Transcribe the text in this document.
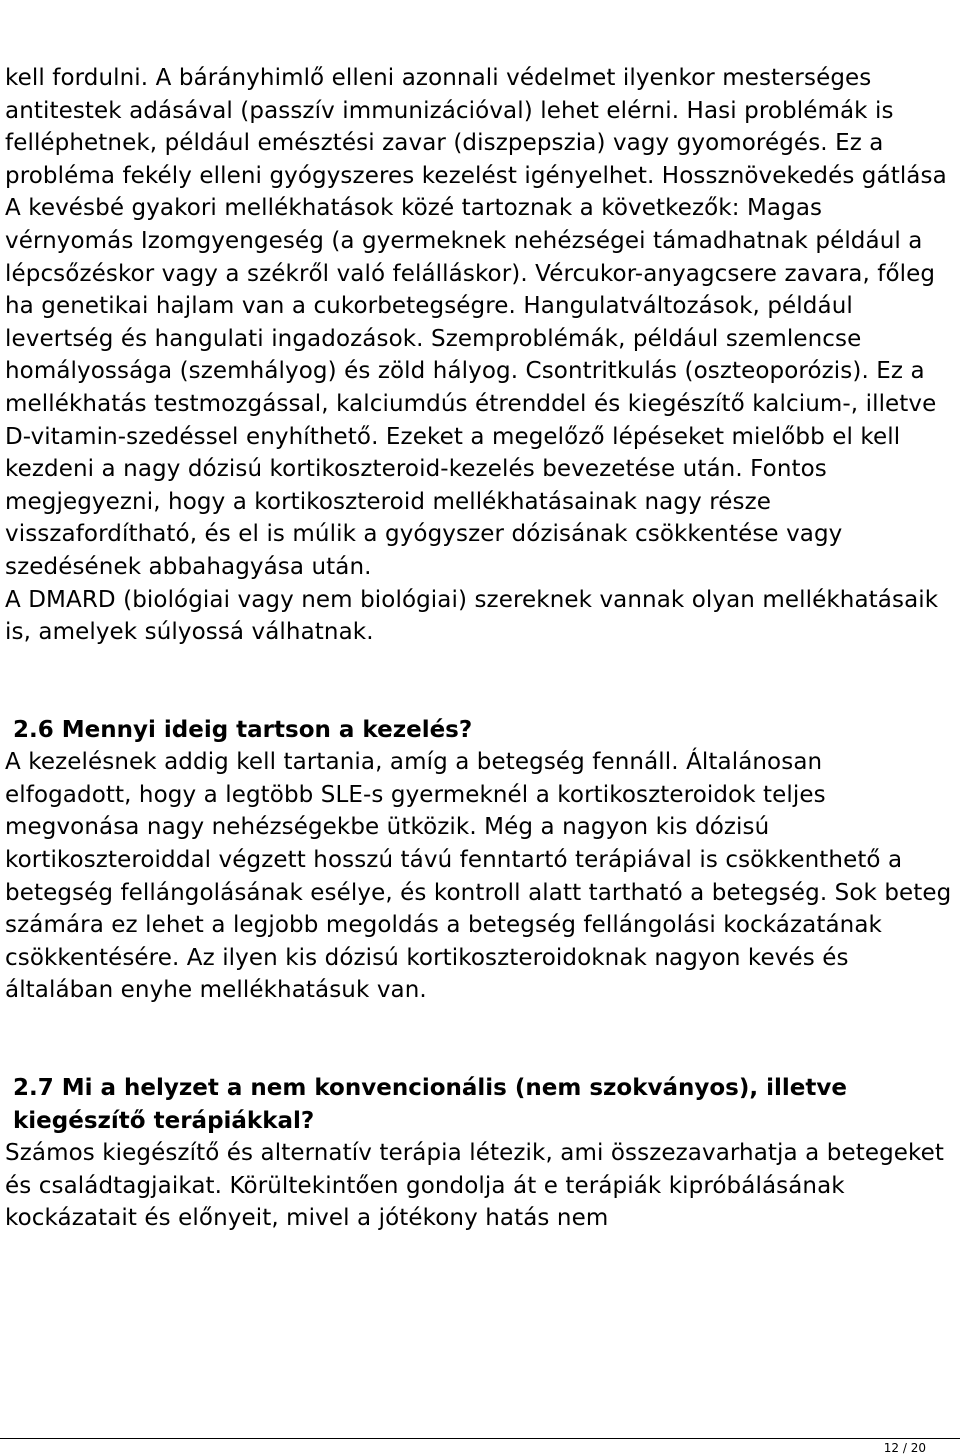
kell fordulni. A bárányhimlő elleni azonnali védelmet ilyenkor mesterséges antitestek adásával (passzív immunizációval) lehet elérni. Hasi problémák is felléphetnek, például emésztési zavar (diszpepszia) vagy gyomorégés. Ez a probléma fekély elleni gyógyszeres kezelést igényelhet. Hossznövekedés gátlása A kevésbé gyakori mellékhatások közé tartoznak a következők: Magas vérnyomás Izomgyengeség (a gyermeknek nehézségei támadhatnak például a lépcsőzéskor vagy a székről való felálláskor). Vércukor-anyagcsere zavara, főleg ha genetikai hajlam van a cukorbetegségre. Hangulatváltozások, például levertség és hangulati ingadozások. Szemproblémák, például szemlencse homályossága (szemhályog) és zöld hályog. Csontritkulás (oszteoporózis). Ez a mellékhatás testmozgással, kalciumdús étrenddel és kiegészítő kalcium-, illetve D-vitamin-szedéssel enyhíthető. Ezeket a megelőző lépéseket mielőbb el kell kezdeni a nagy dózisú kortikoszteroid-kezelés bevezetése után. Fontos megjegyezni, hogy a kortikoszteroid mellékhatásainak nagy része visszafordítható, és el is múlik a gyógyszer dózisának csökkentése vagy szedésének abbahagyása után.

A DMARD (biológiai vagy nem biológiai) szereknek vannak olyan mellékhatásaik is, amelyek súlyossá válhatnak.

2.6 Mennyi ideig tartson a kezelés?

A kezelésnek addig kell tartania, amíg a betegség fennáll. Általánosan elfogadott, hogy a legtöbb SLE-s gyermeknél a kortikoszteroidok teljes megvonása nagy nehézségekbe ütközik. Még a nagyon kis dózisú kortikoszteroiddal végzett hosszú távú fenntartó terápiával is csökkenthető a betegség fellángolásának esélye, és kontroll alatt tartható a betegség. Sok beteg számára ez lehet a legjobb megoldás a betegség fellángolási kockázatának csökkentésére. Az ilyen kis dózisú kortikoszteroidoknak nagyon kevés és általában enyhe mellékhatásuk van.

2.7 Mi a helyzet a nem konvencionális (nem szokványos), illetve kiegészítő terápiákkal?

Számos kiegészítő és alternatív terápia létezik, ami összezavarhatja a betegeket és családtagjaikat. Körültekintően gondolja át e terápiák kipróbálásának kockázatait és előnyeit, mivel a jótékony hatás nem

12 / 20
